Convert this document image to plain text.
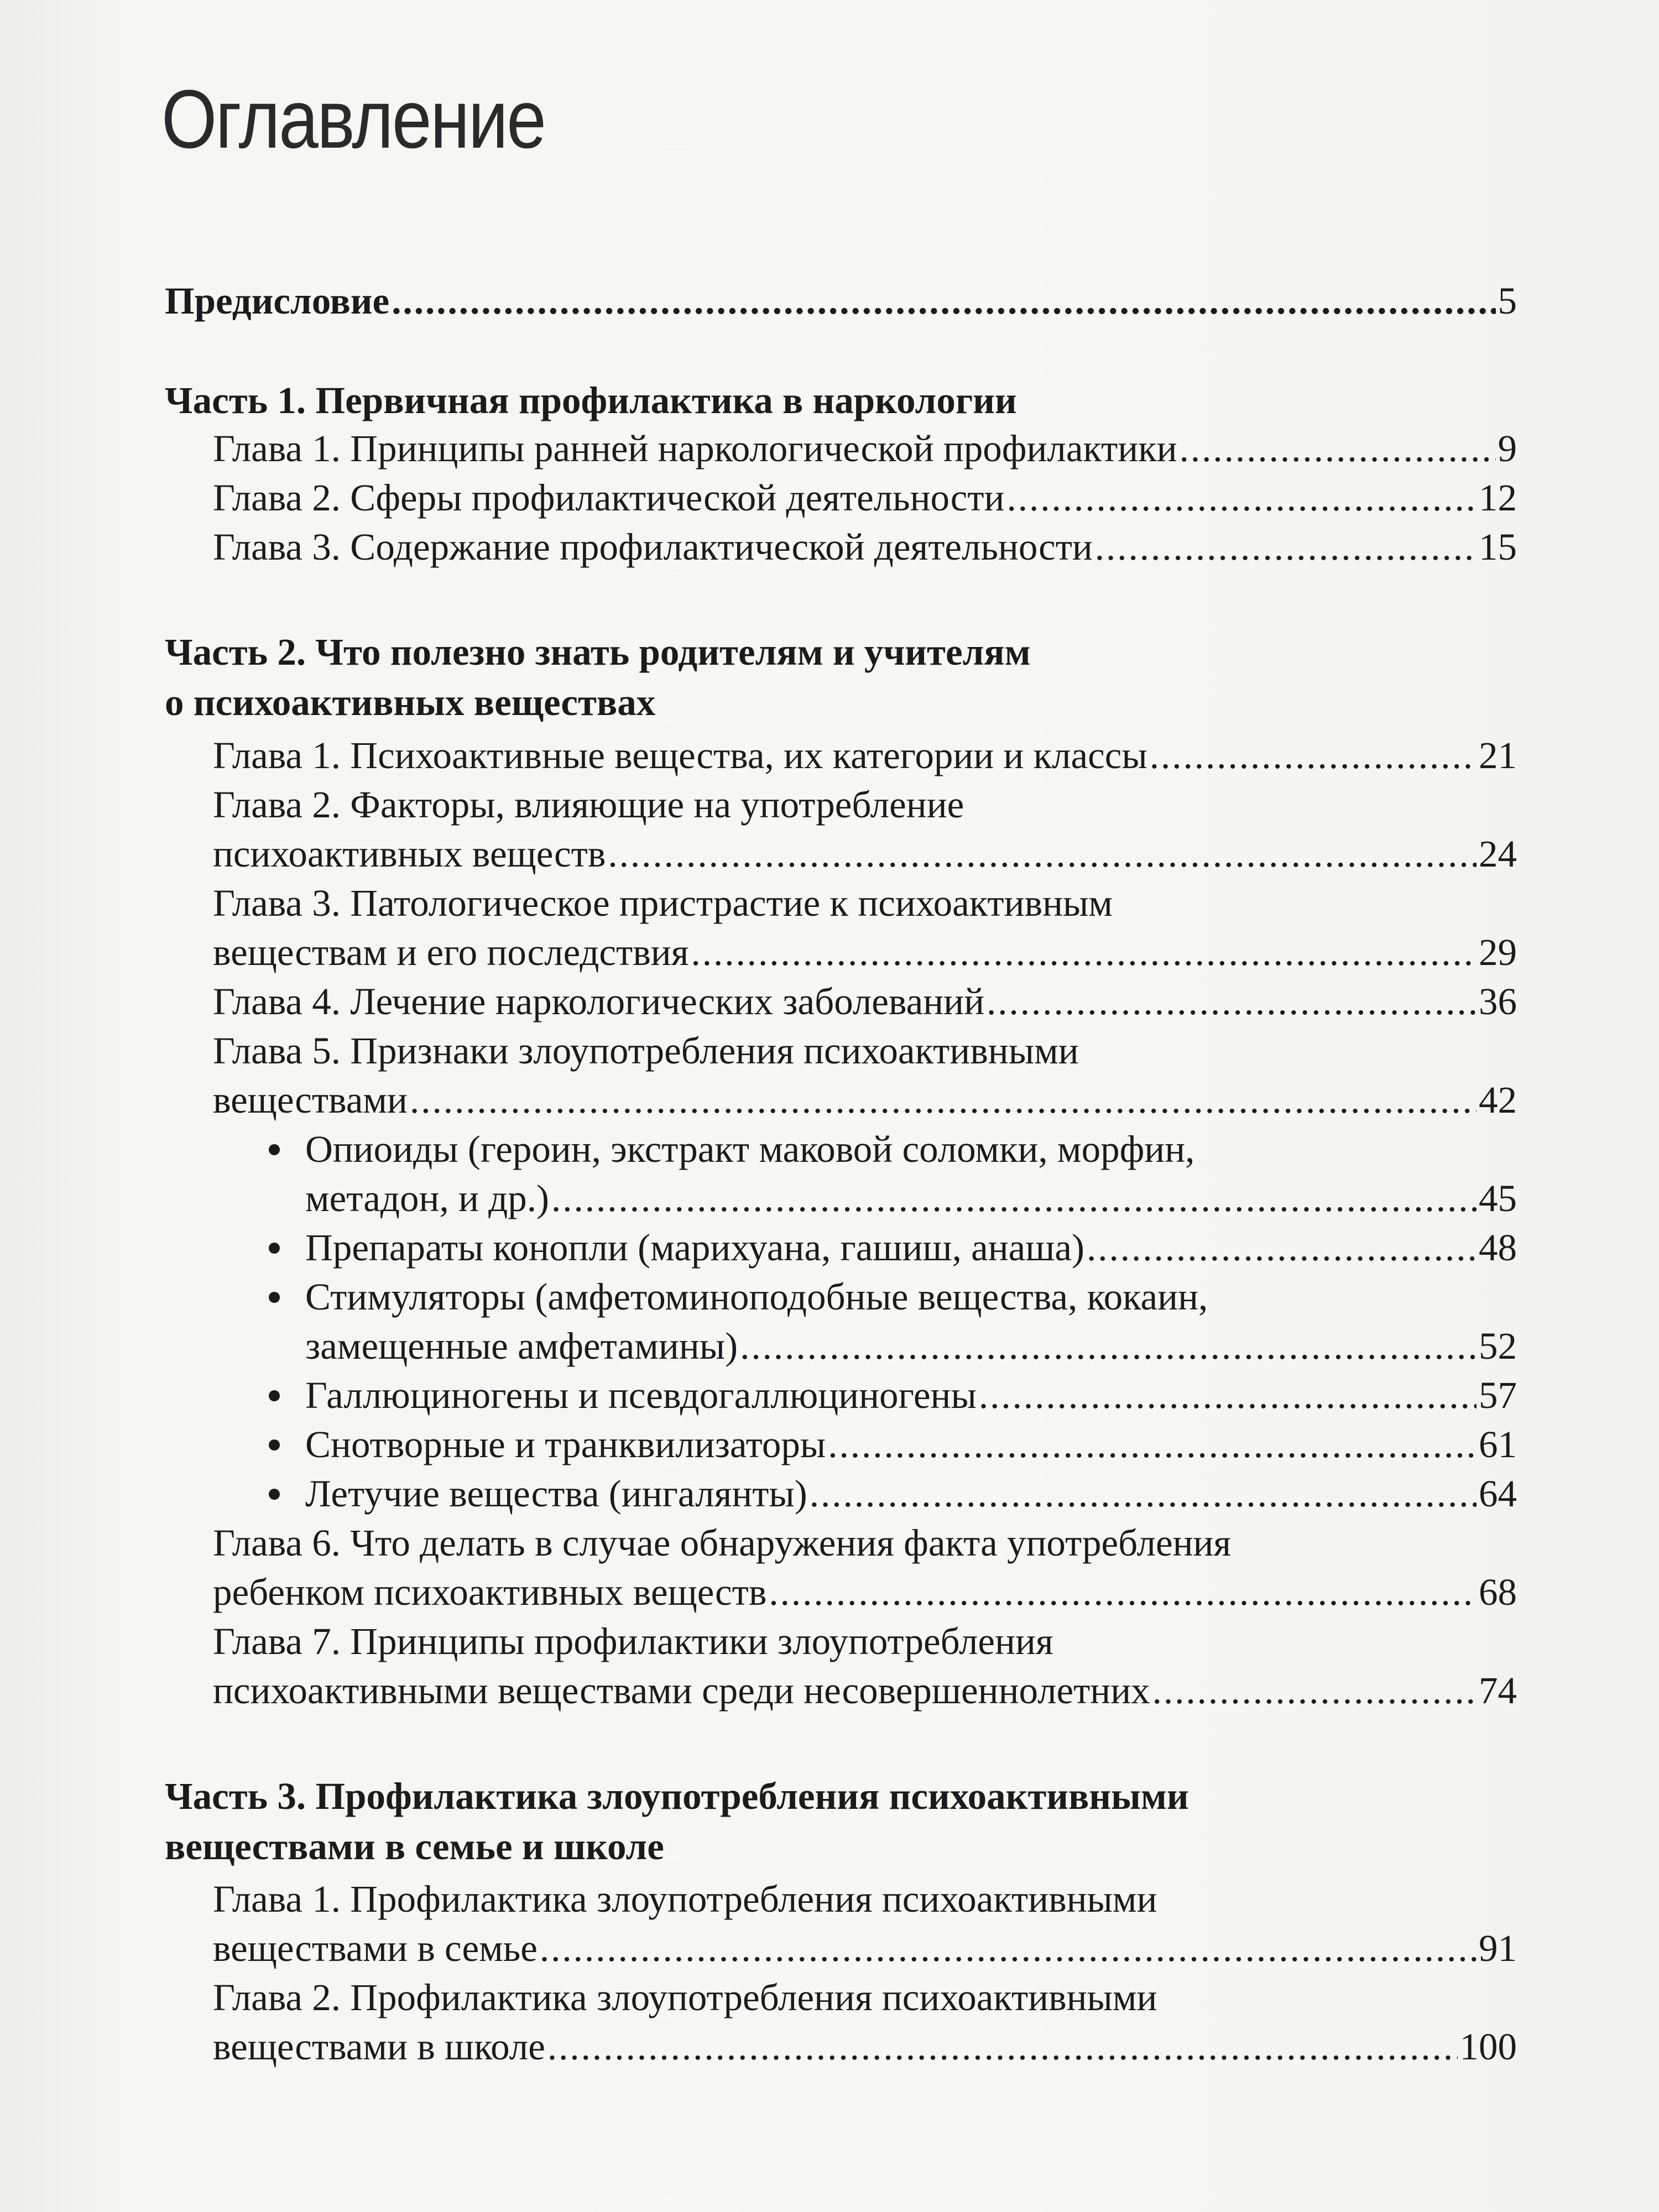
Оглавление
Предисловие .....	5
Часть 1. Первичная профилактика в наркологии
Глава 1. Принципы ранней наркологической профилактики .....	9
Глава 2. Сферы профилактической деятельности .....	12
Глава 3. Содержание профилактической деятельности .....	15
Часть 2. Что полезно знать родителям и учителям
о психоактивных веществах
Глава 1. Психоактивные вещества, их категории и классы .....	21
Глава 2. Факторы, влияющие на употребление
психоактивных веществ .....	24
Глава 3. Патологическое пристрастие к психоактивным
веществам и его последствия .....	29
Глава 4. Лечение наркологических заболеваний .....	36
Глава 5. Признаки злоупотребления психоактивными
веществами .....	42
Опиоиды (героин, экстракт маковой соломки, морфин,
метадон, и др.) .....	45
Препараты конопли (марихуана, гашиш, анаша) .....	48
Стимуляторы (амфетоминоподобные вещества, кокаин,
замещенные амфетамины) .....	52
Галлюциногены и псевдогаллюциногены .....	57
Снотворные и транквилизаторы .....	61
Летучие вещества (ингалянты) .....	64
Глава 6. Что делать в случае обнаружения факта употребления
ребенком психоактивных веществ .....	68
Глава 7. Принципы профилактики злоупотребления
психоактивными веществами среди несовершеннолетних .....	74
Часть 3. Профилактика злоупотребления психоактивными
веществами в семье и школе
Глава 1. Профилактика злоупотребления психоактивными
веществами в семье .....	91
Глава 2. Профилактика злоупотребления психоактивными
веществами в школе .....	100
